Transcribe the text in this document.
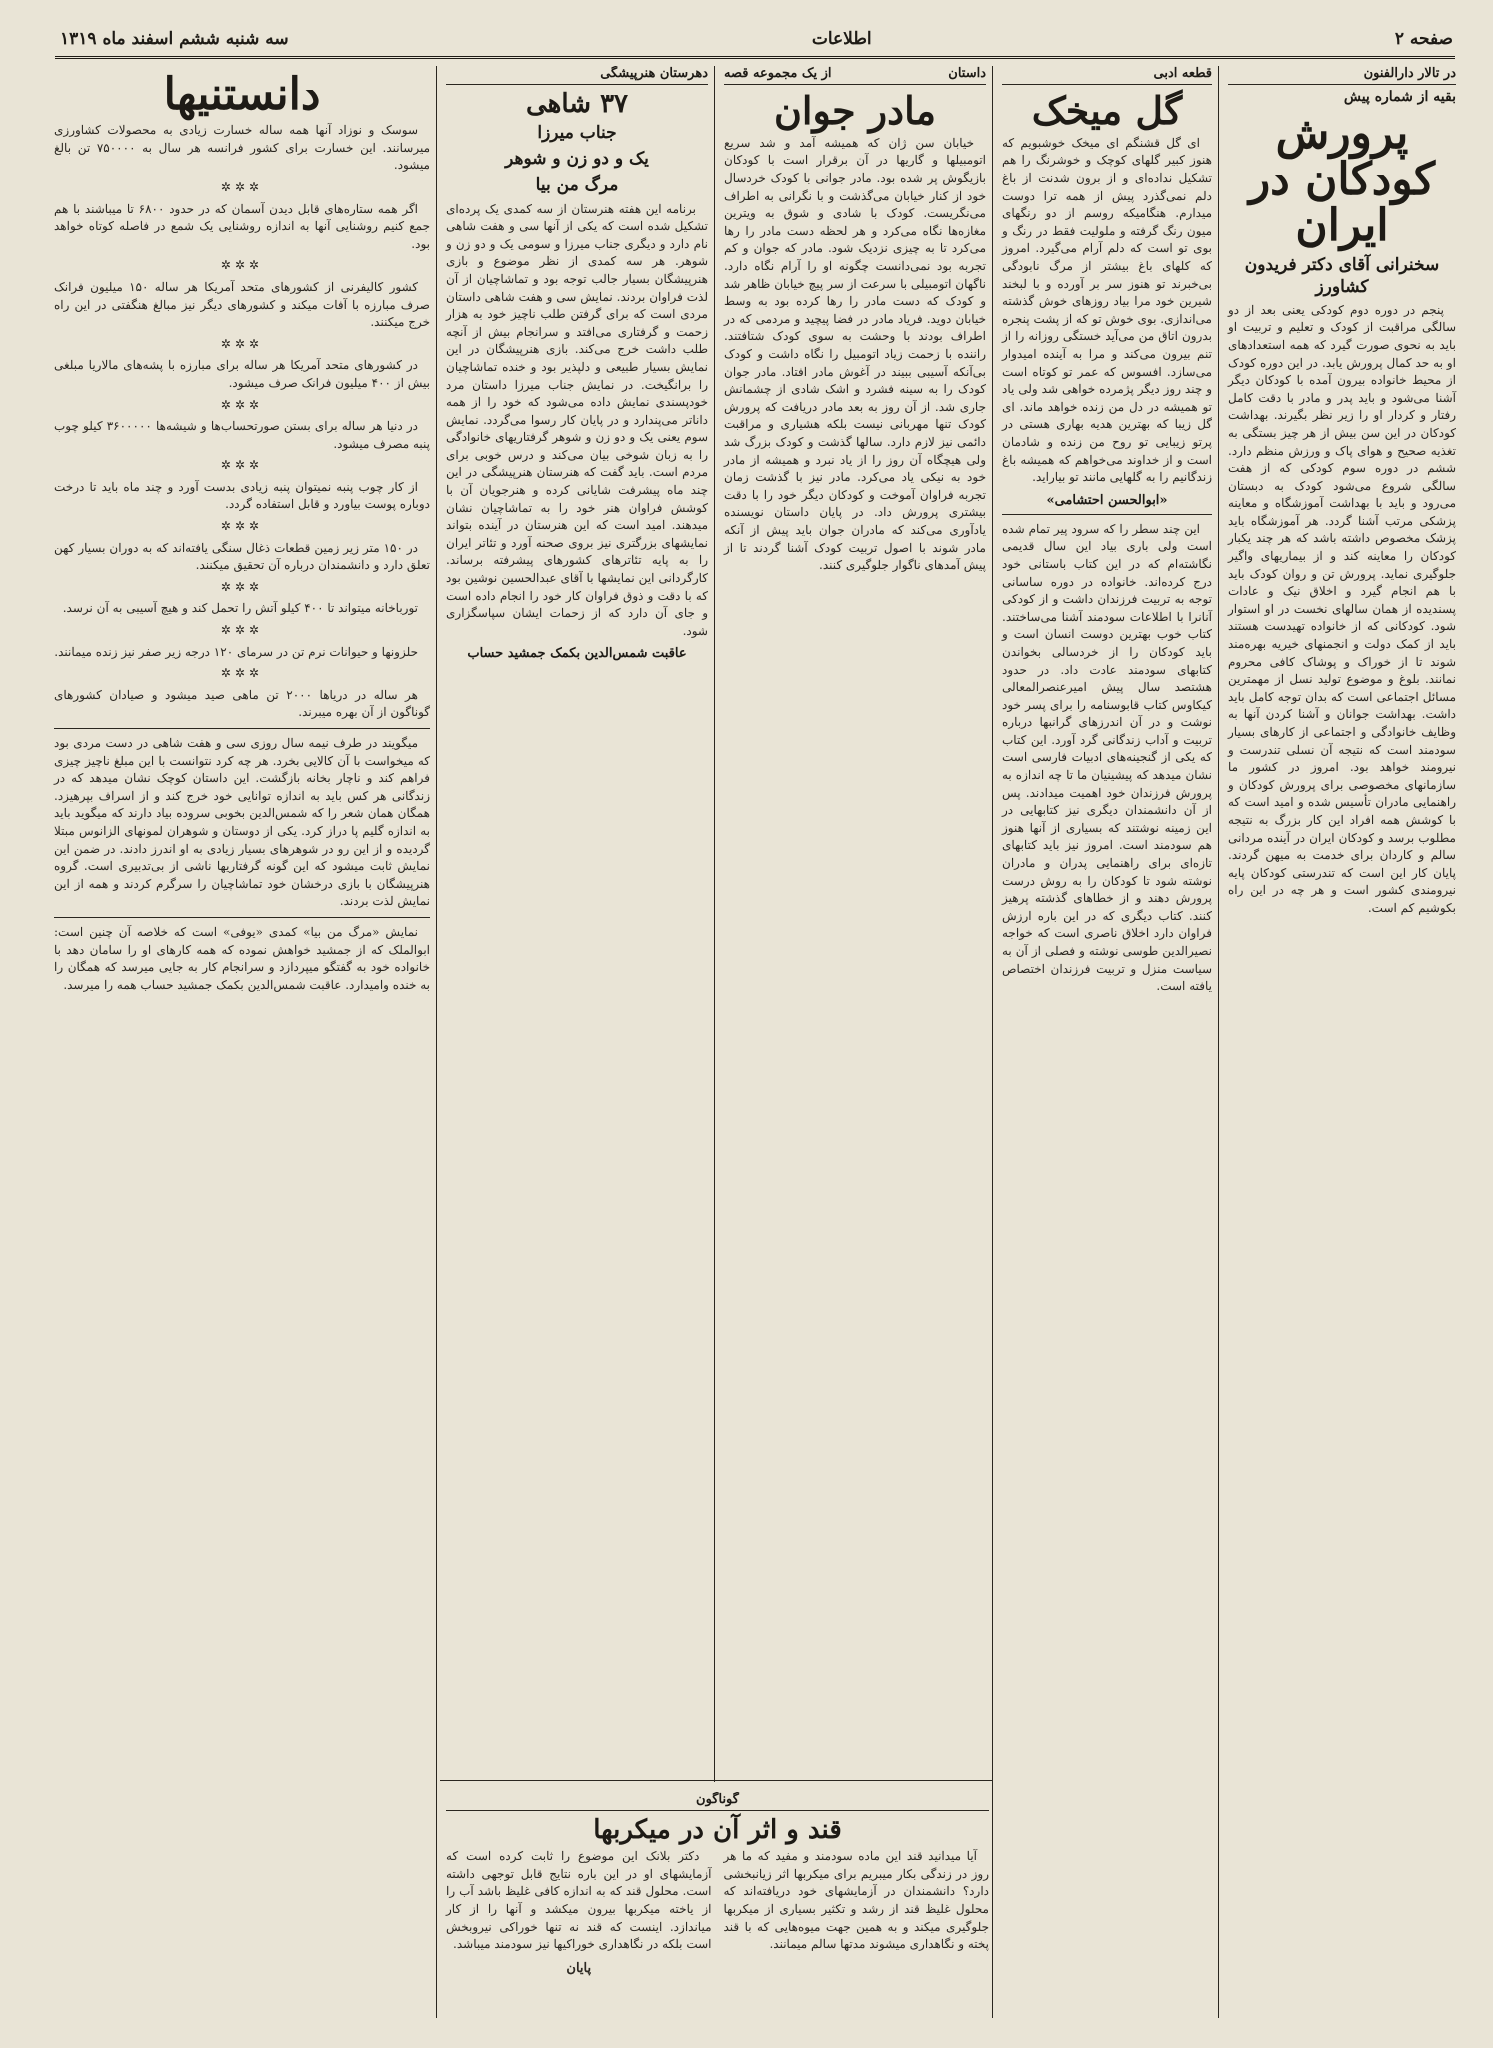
صفحه ۲
اطلاعات
سه شنبه ششم اسفند ماه ۱۳۱۹
در تالار دارالفنون
بقیه از شماره پیش
پرورش کودکان در ایران
سخنرانی آقای دکتر فریدون کشاورز

پنجم در دوره دوم کودکی یعنی بعد از دو سالگی مراقبت از کودک و تعلیم و تربیت او باید به نحوی صورت گیرد که همه استعدادهای او به حد کمال پرورش یابد. در این دوره کودک از محیط خانواده بیرون آمده با کودکان دیگر آشنا می‌شود و باید پدر و مادر با دقت کامل رفتار و کردار او را زیر نظر بگیرند. بهداشت کودکان در این سن بیش از هر چیز بستگی به تغذیه صحیح و هوای پاک و ورزش منظم دارد. ششم در دوره سوم کودکی که از هفت سالگی شروع می‌شود کودک به دبستان می‌رود و باید با بهداشت آموزشگاه و معاینه پزشکی مرتب آشنا گردد. هر آموزشگاه باید پزشک مخصوص داشته باشد که هر چند یکبار کودکان را معاینه کند و از بیماریهای واگیر جلوگیری نماید. پرورش تن و روان کودک باید با هم انجام گیرد و اخلاق نیک و عادات پسندیده از همان سالهای نخست در او استوار شود. کودکانی که از خانواده تهیدست هستند باید از کمک دولت و انجمنهای خیریه بهره‌مند شوند تا از خوراک و پوشاک کافی محروم نمانند. بلوغ و موضوع تولید نسل از مهمترین مسائل اجتماعی است که بدان توجه کامل باید داشت. بهداشت جوانان و آشنا کردن آنها به وظایف خانوادگی و اجتماعی از کارهای بسیار سودمند است که نتیجه آن نسلی تندرست و نیرومند خواهد بود. امروز در کشور ما سازمانهای مخصوصی برای پرورش کودکان و راهنمایی مادران تأسیس شده و امید است که با کوشش همه افراد این کار بزرگ به نتیجه مطلوب برسد و کودکان ایران در آینده مردانی سالم و کاردان برای خدمت به میهن گردند. پایان کار این است که تندرستی کودکان پایه نیرومندی کشور است و هر چه در این راه بکوشیم کم است.

قطعه ادبی
گل میخک

ای گل قشنگم ای میخک خوشبویم که هنوز کبیر گلهای کوچک و خوشرنگ را هم تشکیل نداده‌ای و از برون شدنت از باغ دلم نمی‌گذرد پیش از همه ترا دوست میدارم. هنگامیکه روسم از دو رنگهای میون رنگ گرفته و ملولیت فقط در رنگ و بوی تو است که دلم آرام می‌گیرد. امروز که کلهای باغ بیشتر از مرگ نابودگی بی‌خبرند تو هنوز سر بر آورده و با لبخند شیرین خود مرا بیاد روزهای خوش گذشته می‌اندازی. بوی خوش تو که از پشت پنجره بدرون اتاق من می‌آید خستگی روزانه را از تنم بیرون می‌کند و مرا به آینده امیدوار می‌سازد. افسوس که عمر تو کوتاه است و چند روز دیگر پژمرده خواهی شد ولی یاد تو همیشه در دل من زنده خواهد ماند. ای گل زیبا که بهترین هدیه بهاری هستی در پرتو زیبایی تو روح من زنده و شادمان است و از خداوند می‌خواهم که همیشه باغ زندگانیم را به گلهایی مانند تو بیاراید.

«ابوالحسن احتشامی»

این چند سطر را که سرود پیر تمام شده است ولی باری بیاد این سال قدیمی نگاشته‌ام که در این کتاب باستانی خود درج کرده‌اند. خانواده در دوره ساسانی توجه به تربیت فرزندان داشت و از کودکی آنانرا با اطلاعات سودمند آشنا می‌ساختند. کتاب خوب بهترین دوست انسان است و باید کودکان را از خردسالی بخواندن کتابهای سودمند عادت داد. در حدود هشتصد سال پیش امیرعنصرالمعالی کیکاوس کتاب قابوسنامه را برای پسر خود نوشت و در آن اندرزهای گرانبها درباره تربیت و آداب زندگانی گرد آورد. این کتاب که یکی از گنجینه‌های ادبیات فارسی است نشان میدهد که پیشینیان ما تا چه اندازه به پرورش فرزندان خود اهمیت میدادند. پس از آن دانشمندان دیگری نیز کتابهایی در این زمینه نوشتند که بسیاری از آنها هنوز هم سودمند است. امروز نیز باید کتابهای تازه‌ای برای راهنمایی پدران و مادران نوشته شود تا کودکان را به روش درست پرورش دهند و از خطاهای گذشته پرهیز کنند. کتاب دیگری که در این باره ارزش فراوان دارد اخلاق ناصری است که خواجه نصیرالدین طوسی نوشته و فصلی از آن به سیاست منزل و تربیت فرزندان اختصاص یافته است.

داستان
از یک مجموعه قصه
مادر جوان

خیابان سن ژان که همیشه آمد و شد سریع اتومبیلها و گاریها در آن برقرار است با کودکان بازیگوش پر شده بود. مادر جوانی با کودک خردسال خود از کنار خیابان می‌گذشت و با نگرانی به اطراف می‌نگریست. کودک با شادی و شوق به ویترین مغازه‌ها نگاه می‌کرد و هر لحظه دست مادر را رها می‌کرد تا به چیزی نزدیک شود. مادر که جوان و کم تجربه بود نمی‌دانست چگونه او را آرام نگاه دارد. ناگهان اتومبیلی با سرعت از سر پیچ خیابان ظاهر شد و کودک که دست مادر را رها کرده بود به وسط خیابان دوید. فریاد مادر در فضا پیچید و مردمی که در اطراف بودند با وحشت به سوی کودک شتافتند. راننده با زحمت زیاد اتومبیل را نگاه داشت و کودک بی‌آنکه آسیبی ببیند در آغوش مادر افتاد. مادر جوان کودک را به سینه فشرد و اشک شادی از چشمانش جاری شد. از آن روز به بعد مادر دریافت که پرورش کودک تنها مهربانی نیست بلکه هشیاری و مراقبت دائمی نیز لازم دارد. سالها گذشت و کودک بزرگ شد ولی هیچگاه آن روز را از یاد نبرد و همیشه از مادر خود به نیکی یاد می‌کرد. مادر نیز با گذشت زمان تجربه فراوان آموخت و کودکان دیگر خود را با دقت بیشتری پرورش داد. در پایان داستان نویسنده یادآوری می‌کند که مادران جوان باید پیش از آنکه مادر شوند با اصول تربیت کودک آشنا گردند تا از پیش آمدهای ناگوار جلوگیری کنند.

دهرستان هنرپیشگی
۳۷ شاهی
جناب میرزا
یک و دو زن و شوهر
مرگ من بیا

برنامه این هفته هنرستان از سه کمدی یک پرده‌ای تشکیل شده است که یکی از آنها سی و هفت شاهی نام دارد و دیگری جناب میرزا و سومی یک و دو زن و شوهر. هر سه کمدی از نظر موضوع و بازی هنرپیشگان بسیار جالب توجه بود و تماشاچیان از آن لذت فراوان بردند. نمایش سی و هفت شاهی داستان مردی است که برای گرفتن طلب ناچیز خود به هزار زحمت و گرفتاری می‌افتد و سرانجام بیش از آنچه طلب داشت خرج می‌کند. بازی هنرپیشگان در این نمایش بسیار طبیعی و دلپذیر بود و خنده تماشاچیان را برانگیخت. در نمایش جناب میرزا داستان مرد خودپسندی نمایش داده می‌شود که خود را از همه داناتر می‌پندارد و در پایان کار رسوا می‌گردد. نمایش سوم یعنی یک و دو زن و شوهر گرفتاریهای خانوادگی را به زبان شوخی بیان می‌کند و درس خوبی برای مردم است. باید گفت که هنرستان هنرپیشگی در این چند ماه پیشرفت شایانی کرده و هنرجویان آن با کوشش فراوان هنر خود را به تماشاچیان نشان میدهند. امید است که این هنرستان در آینده بتواند نمایشهای بزرگتری نیز بروی صحنه آورد و تئاتر ایران را به پایه تئاترهای کشورهای پیشرفته برساند. کارگردانی این نمایشها با آقای عبدالحسین نوشین بود که با دقت و ذوق فراوان کار خود را انجام داده است و جای آن دارد که از زحمات ایشان سپاسگزاری شود.

عاقبت شمس‌الدین بکمک جمشید حساب
گوناگون
قند و اثر آن در میکربها

آیا میدانید قند این ماده سودمند و مفید که ما هر روز در زندگی بکار میبریم برای میکربها اثر زیانبخشی دارد؟ دانشمندان در آزمایشهای خود دریافته‌اند که محلول غلیظ قند از رشد و تکثیر بسیاری از میکربها جلوگیری میکند و به همین جهت میوه‌هایی که با قند پخته و نگاهداری میشوند مدتها سالم میمانند.

دکتر بلانک این موضوع را ثابت کرده است که آزمایشهای او در این باره نتایج قابل توجهی داشته است. محلول قند که به اندازه کافی غلیظ باشد آب را از یاخته میکربها بیرون میکشد و آنها را از کار میاندازد. اینست که قند نه تنها خوراکی نیروبخش است بلکه در نگاهداری خوراکیها نیز سودمند میباشد.

پایان
دانستنیها

سوسک و نوزاد آنها همه ساله خسارت زیادی به محصولات کشاورزی میرسانند. این خسارت برای کشور فرانسه هر سال به ۷۵۰۰۰۰ تن بالغ میشود.

✲✲✲

اگر همه ستاره‌های قابل دیدن آسمان که در حدود ۶۸۰۰ تا میباشند با هم جمع کنیم روشنایی آنها به اندازه روشنایی یک شمع در فاصله کوتاه خواهد بود.

✲✲✲

کشور کالیفرنی از کشورهای متحد آمریکا هر ساله ۱۵۰ میلیون فرانک صرف مبارزه با آفات میکند و کشورهای دیگر نیز مبالغ هنگفتی در این راه خرج میکنند.

✲✲✲

در کشورهای متحد آمریکا هر ساله برای مبارزه با پشه‌های مالاریا مبلغی بیش از ۴۰۰ میلیون فرانک صرف میشود.

✲✲✲

در دنیا هر ساله برای بستن صورتحساب‌ها و شیشه‌ها ۳۶۰۰۰۰۰ کیلو چوب پنبه مصرف میشود.

✲✲✲

از کار چوب پنبه نمیتوان پنبه زیادی بدست آورد و چند ماه باید تا درخت دوباره پوست بیاورد و قابل استفاده گردد.

✲✲✲

در ۱۵۰ متر زیر زمین قطعات ذغال سنگی یافته‌اند که به دوران بسیار کهن تعلق دارد و دانشمندان درباره آن تحقیق میکنند.

✲✲✲

تورباخانه میتواند تا ۴۰۰ کیلو آتش را تحمل کند و هیچ آسیبی به آن نرسد.

✲✲✲

حلزونها و حیوانات نرم تن در سرمای ۱۲۰ درجه زیر صفر نیز زنده میمانند.

✲✲✲

هر ساله در دریاها ۲۰۰۰ تن ماهی صید میشود و صیادان کشورهای گوناگون از آن بهره میبرند.

میگویند در طرف نیمه سال روزی سی و هفت شاهی در دست مردی بود که میخواست با آن کالایی بخرد. هر چه کرد نتوانست با این مبلغ ناچیز چیزی فراهم کند و ناچار بخانه بازگشت. این داستان کوچک نشان میدهد که در زندگانی هر کس باید به اندازه توانایی خود خرج کند و از اسراف بپرهیزد. همگان همان شعر را که شمس‌الدین بخوبی سروده بیاد دارند که میگوید باید به اندازه گلیم پا دراز کرد. یکی از دوستان و شوهران لمونهای الزانوس مبتلا گردیده و از این رو در شوهرهای بسیار زیادی به او اندرز دادند. در ضمن این نمایش ثابت میشود که این گونه گرفتاریها ناشی از بی‌تدبیری است. گروه هنرپیشگان با بازی درخشان خود تماشاچیان را سرگرم کردند و همه از این نمایش لذت بردند.

نمایش «مرگ من بیا» کمدی «یوفی» است که خلاصه آن چنین است: ابوالملک که از جمشید خواهش نموده که همه کارهای او را سامان دهد با خانواده خود به گفتگو میپردازد و سرانجام کار به جایی میرسد که همگان را به خنده وامیدارد. عاقبت شمس‌الدین بکمک جمشید حساب همه را میرسد.
